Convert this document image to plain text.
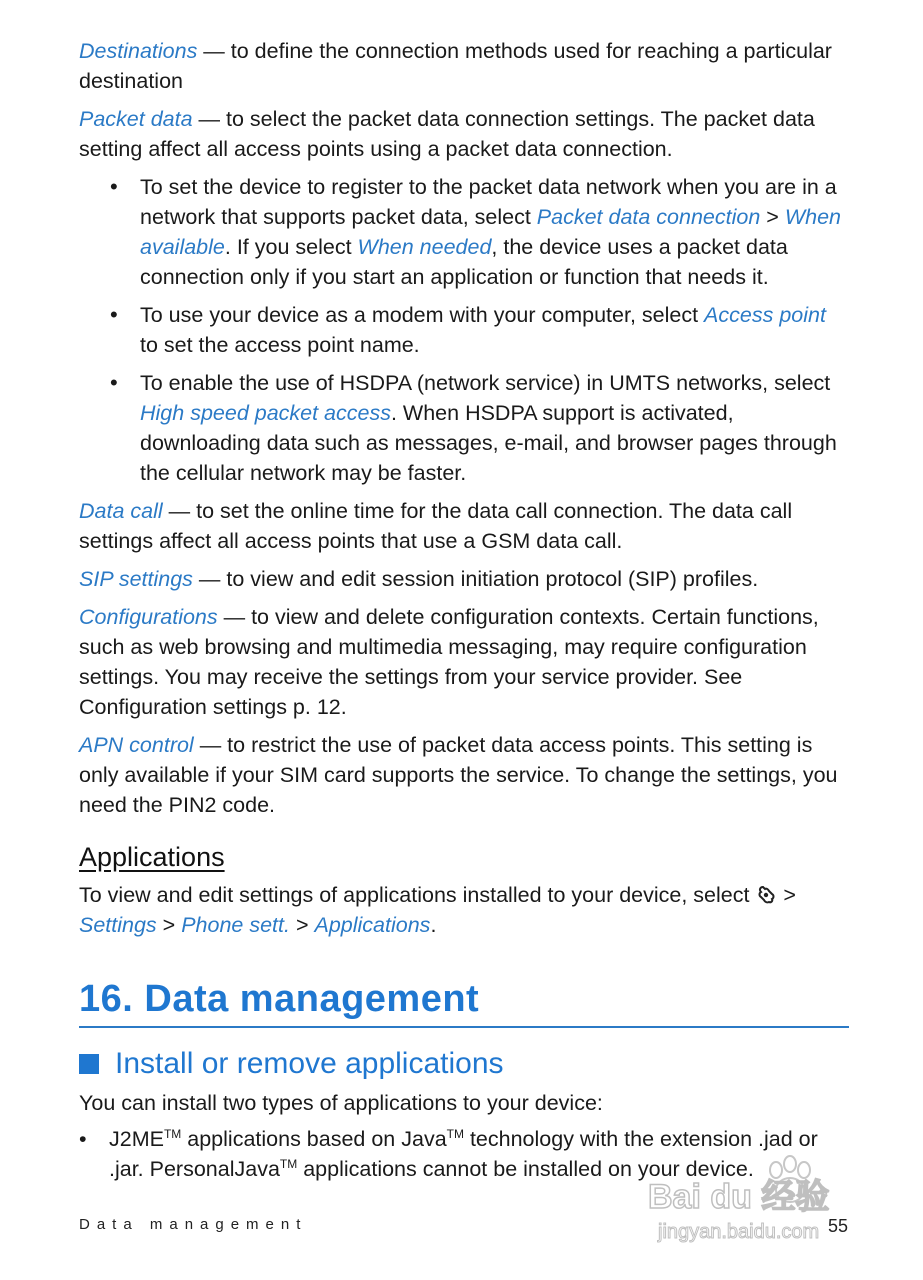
Destinations — to define the connection methods used for reaching a particular destination

Packet data — to select the packet data connection settings. The packet data setting affect all access points using a packet data connection.

• To set the device to register to the packet data network when you are in a network that supports packet data, select Packet data connection > When available. If you select When needed, the device uses a packet data connection only if you start an application or function that needs it.
• To use your device as a modem with your computer, select Access point to set the access point name.
• To enable the use of HSDPA (network service) in UMTS networks, select High speed packet access. When HSDPA support is activated, downloading data such as messages, e-mail, and browser pages through the cellular network may be faster.

Data call — to set the online time for the data call connection. The data call settings affect all access points that use a GSM data call.

SIP settings — to view and edit session initiation protocol (SIP) profiles.

Configurations — to view and delete configuration contexts. Certain functions, such as web browsing and multimedia messaging, may require configuration settings. You may receive the settings from your service provider. See Configuration settings p. 12.

APN control — to restrict the use of packet data access points. This setting is only available if your SIM card supports the service. To change the settings, you need the PIN2 code.

Applications

To view and edit settings of applications installed to your device, select  > Settings > Phone sett. > Applications.

16. Data management
Install or remove applications

You can install two types of applications to your device:

• J2ME™ applications based on Java™ technology with the extension .jad or .jar. PersonalJava™ applications cannot be installed on your device.
Bai du 经验
jingyan.baidu.com
Data management	55
